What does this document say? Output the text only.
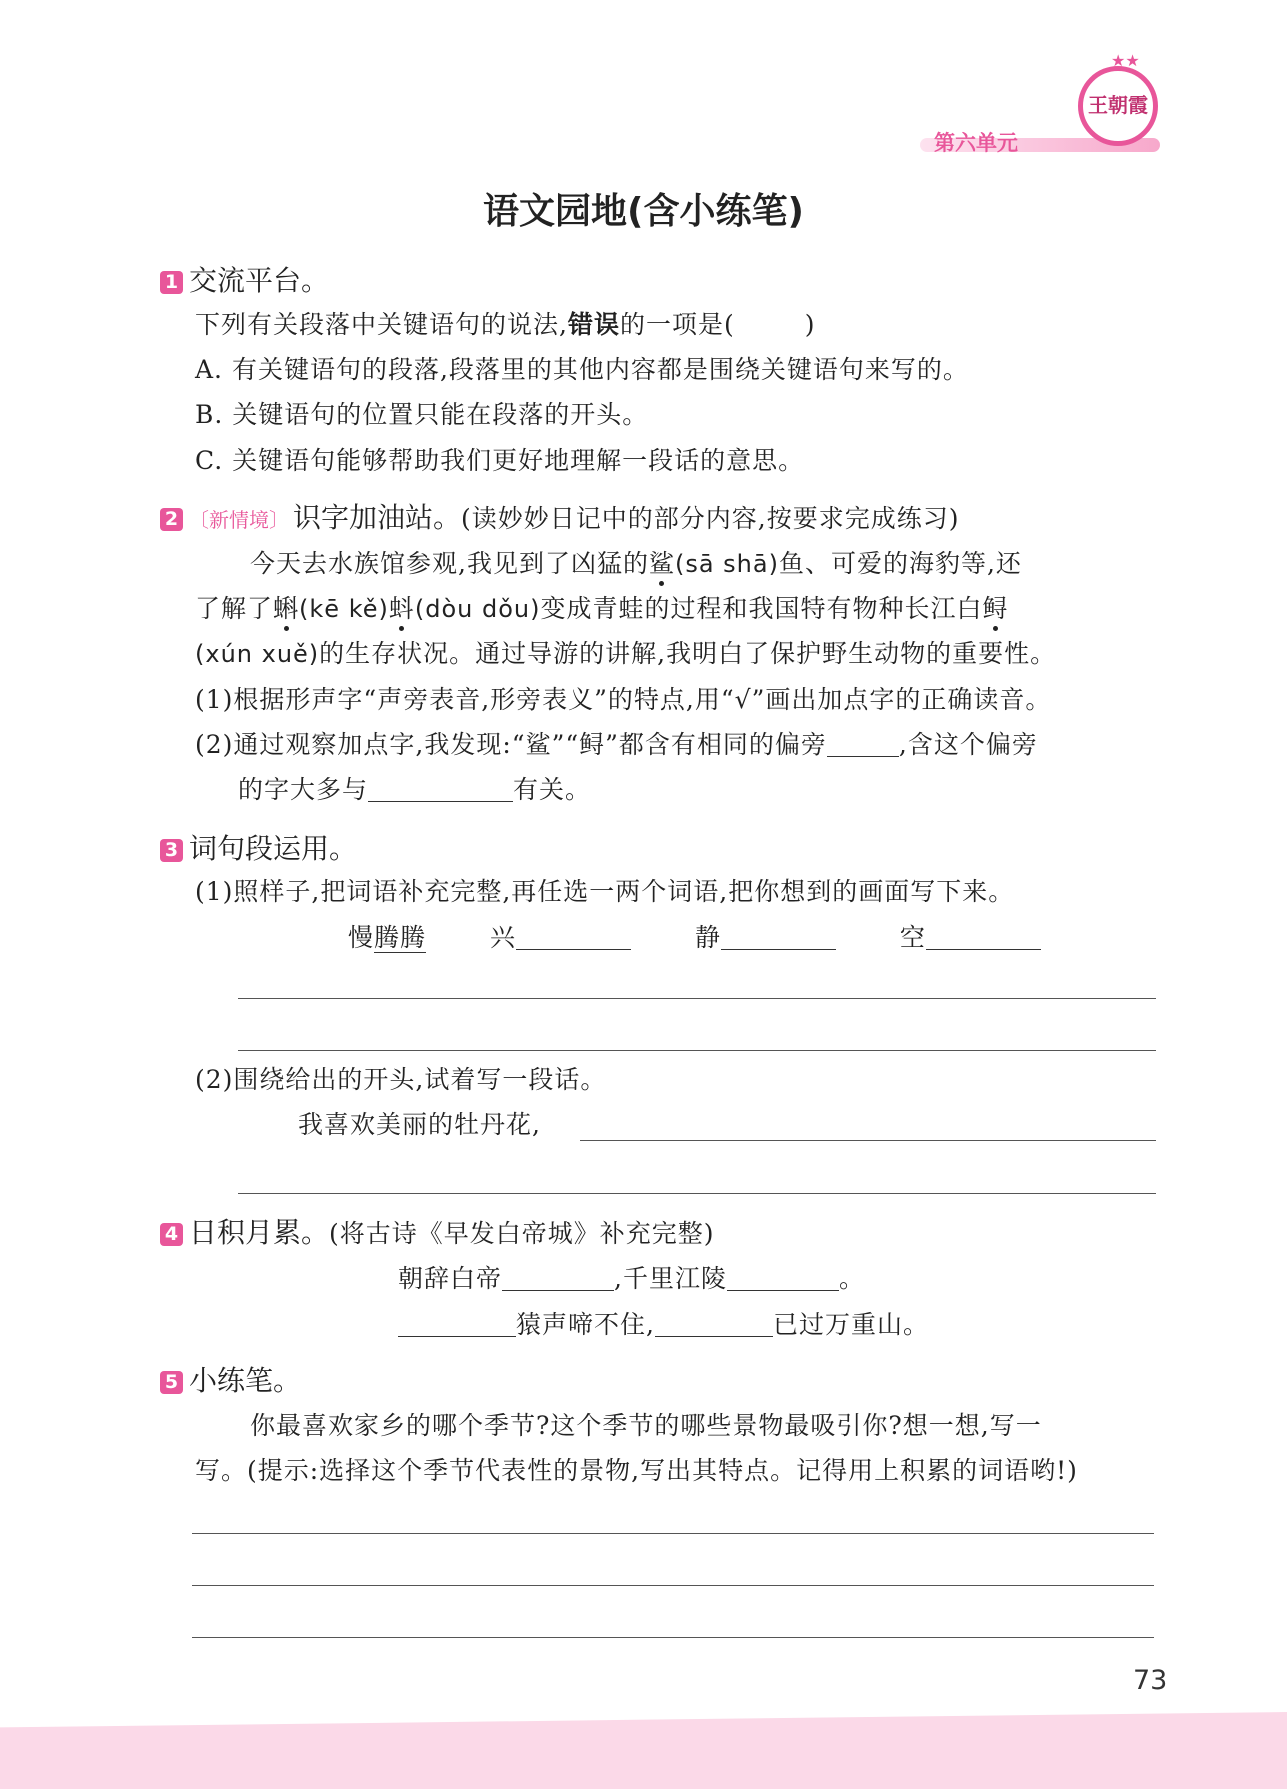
第六单元
王朝霞
★★
语文园地(含小练笔)
1 交流平台。
下列有关段落中关键语句的说法,错误的一项是(	)
A. 有关键语句的段落,段落里的其他内容都是围绕关键语句来写的。
B. 关键语句的位置只能在段落的开头。
C. 关键语句能够帮助我们更好地理解一段话的意思。
2 〔新情境〕 识字加油站。(读妙妙日记中的部分内容,按要求完成练习)
今天去水族馆参观,我见到了凶猛的鲨(sā shā)鱼、可爱的海豹等,还
了解了蝌(kē kě)蚪(dòu dǒu)变成青蛙的过程和我国特有物种长江白鲟
(xún xuě)的生存状况。通过导游的讲解,我明白了保护野生动物的重要性。
(1)根据形声字“声旁表音,形旁表义”的特点,用“√”画出加点字的正确读音。
(2)通过观察加点字,我发现:“鲨”“鲟”都含有相同的偏旁	,含这个偏旁
的字大多与	有关。
3 词句段运用。
(1)照样子,把词语补充完整,再任选一两个词语,把你想到的画面写下来。
慢腾腾	兴	静	空
(2)围绕给出的开头,试着写一段话。
我喜欢美丽的牡丹花,
4 日积月累。(将古诗《早发白帝城》补充完整)
朝辞白帝	,千里江陵	。
猿声啼不住,	已过万重山。
5 小练笔。
你最喜欢家乡的哪个季节?这个季节的哪些景物最吸引你?想一想,写一
写。(提示:选择这个季节代表性的景物,写出其特点。记得用上积累的词语哟!)
73
